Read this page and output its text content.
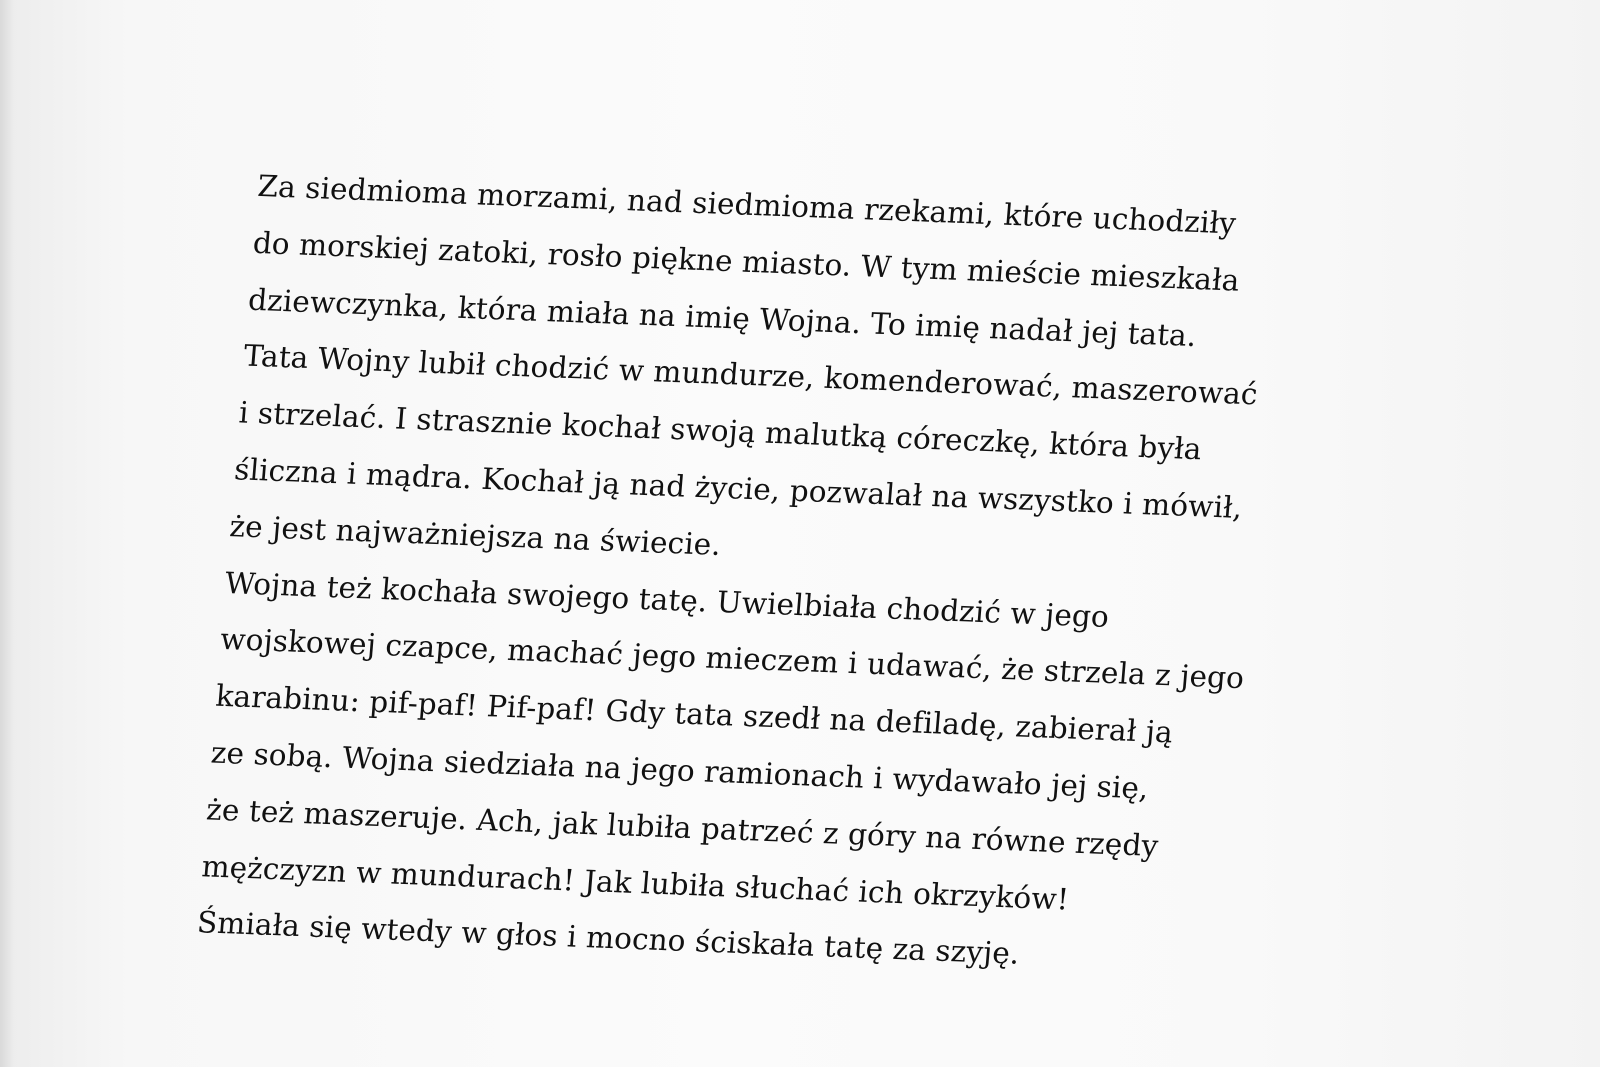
Za siedmioma morzami, nad siedmioma rzekami, które uchodziły
do morskiej zatoki, rosło piękne miasto. W tym mieście mieszkała
dziewczynka, która miała na imię Wojna. To imię nadał jej tata.
Tata Wojny lubił chodzić w mundurze, komenderować, maszerować
i strzelać. I strasznie kochał swoją malutką córeczkę, która była
śliczna i mądra. Kochał ją nad życie, pozwalał na wszystko i mówił,
że jest najważniejsza na świecie.
Wojna też kochała swojego tatę. Uwielbiała chodzić w jego
wojskowej czapce, machać jego mieczem i udawać, że strzela z jego
karabinu: pif-paf! Pif-paf! Gdy tata szedł na defiladę, zabierał ją
ze sobą. Wojna siedziała na jego ramionach i wydawało jej się,
że też maszeruje. Ach, jak lubiła patrzeć z góry na równe rzędy
mężczyzn w mundurach! Jak lubiła słuchać ich okrzyków!
Śmiała się wtedy w głos i mocno ściskała tatę za szyję.
